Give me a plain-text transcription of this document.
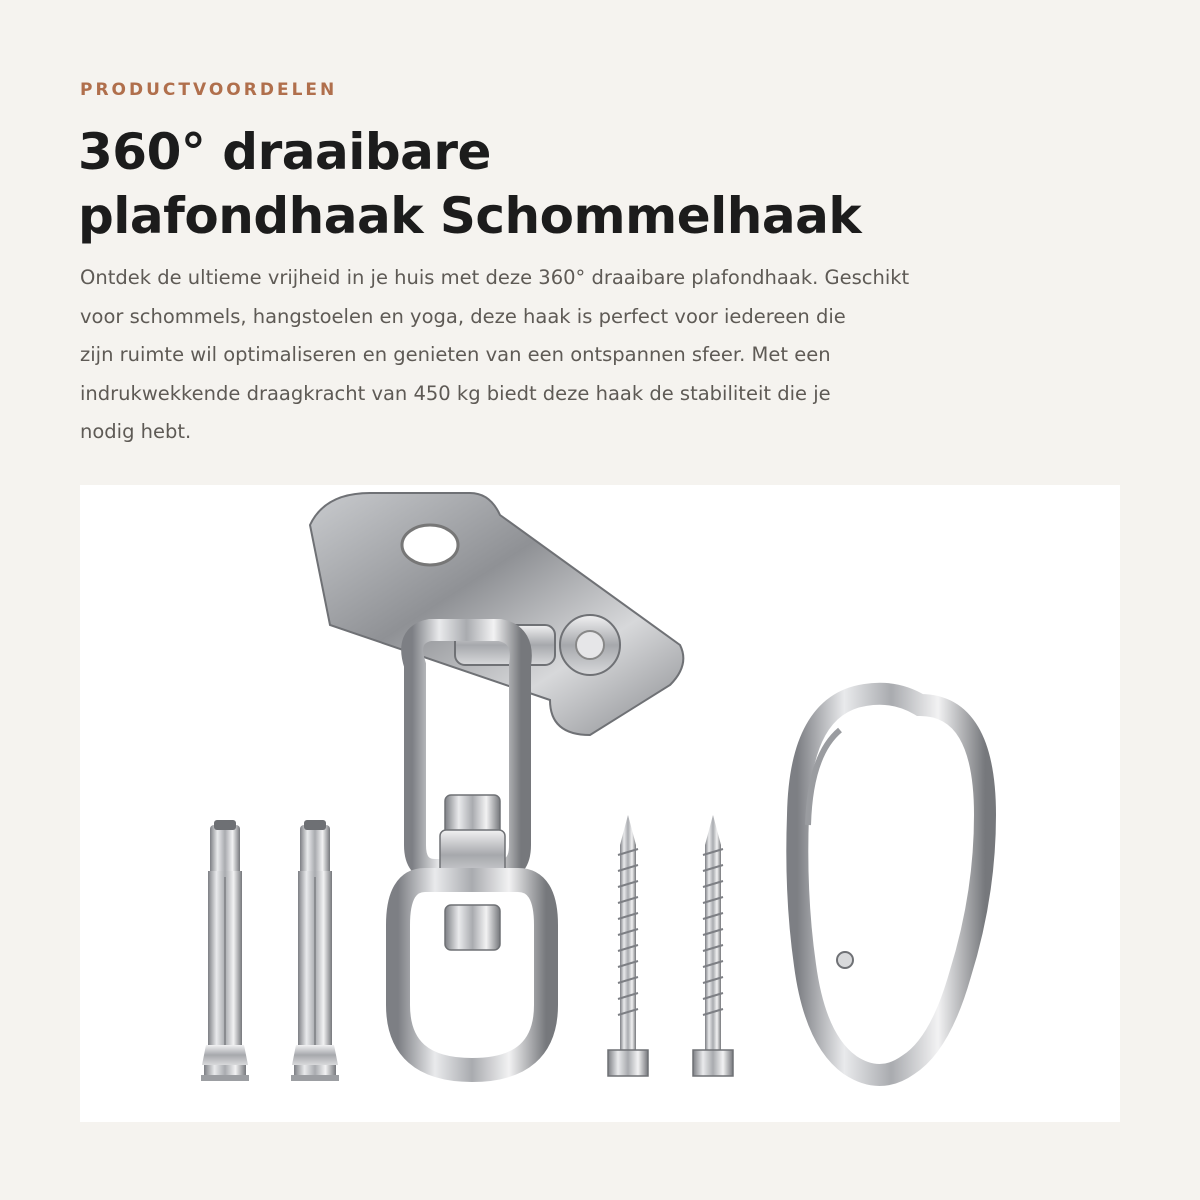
PRODUCTVOORDELEN
360° draaibare
plafondhaak Schommelhaak

Ontdek de ultieme vrijheid in je huis met deze 360° draaibare plafondhaak. Geschikt
voor schommels, hangstoelen en yoga, deze haak is perfect voor iedereen die
zijn ruimte wil optimaliseren en genieten van een ontspannen sfeer. Met een
indrukwekkende draagkracht van 450 kg biedt deze haak de stabiliteit die je
nodig hebt.
